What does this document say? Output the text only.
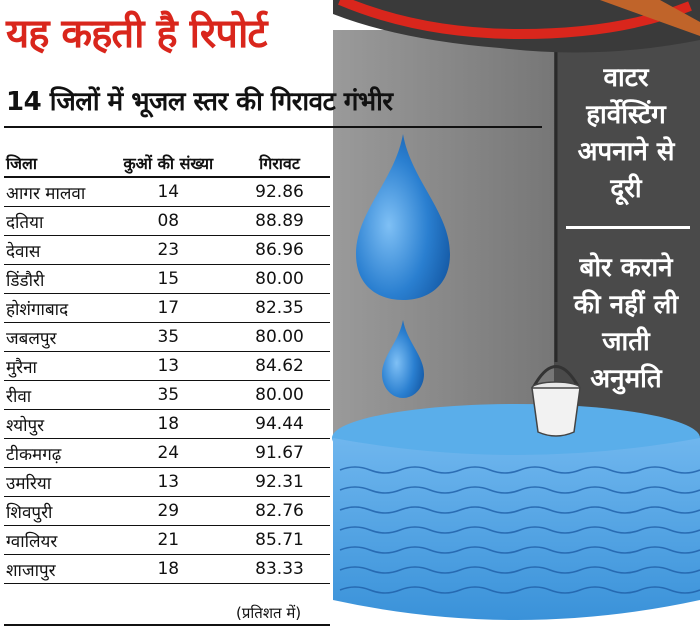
यह कहती है रिपोर्ट
14 जिलों में भूजल स्तर की गिरावट गंभीर
जिला	कुओं की संख्या	गिरावट
आगर मालवा	14	92.86
दतिया	08	88.89
देवास	23	86.96
डिंडौरी	15	80.00
होशंगाबाद	17	82.35
जबलपुर	35	80.00
मुरैना	13	84.62
रीवा	35	80.00
श्योपुर	18	94.44
टीकमगढ़	24	91.67
उमरिया	13	92.31
शिवपुरी	29	82.76
ग्वालियर	21	85.71
शाजापुर	18	83.33
(प्रतिशत में)
वाटर
हार्वेस्टिंग
अपनाने से
दूरी
बोर कराने
की नहीं ली
जाती
अनुमति
